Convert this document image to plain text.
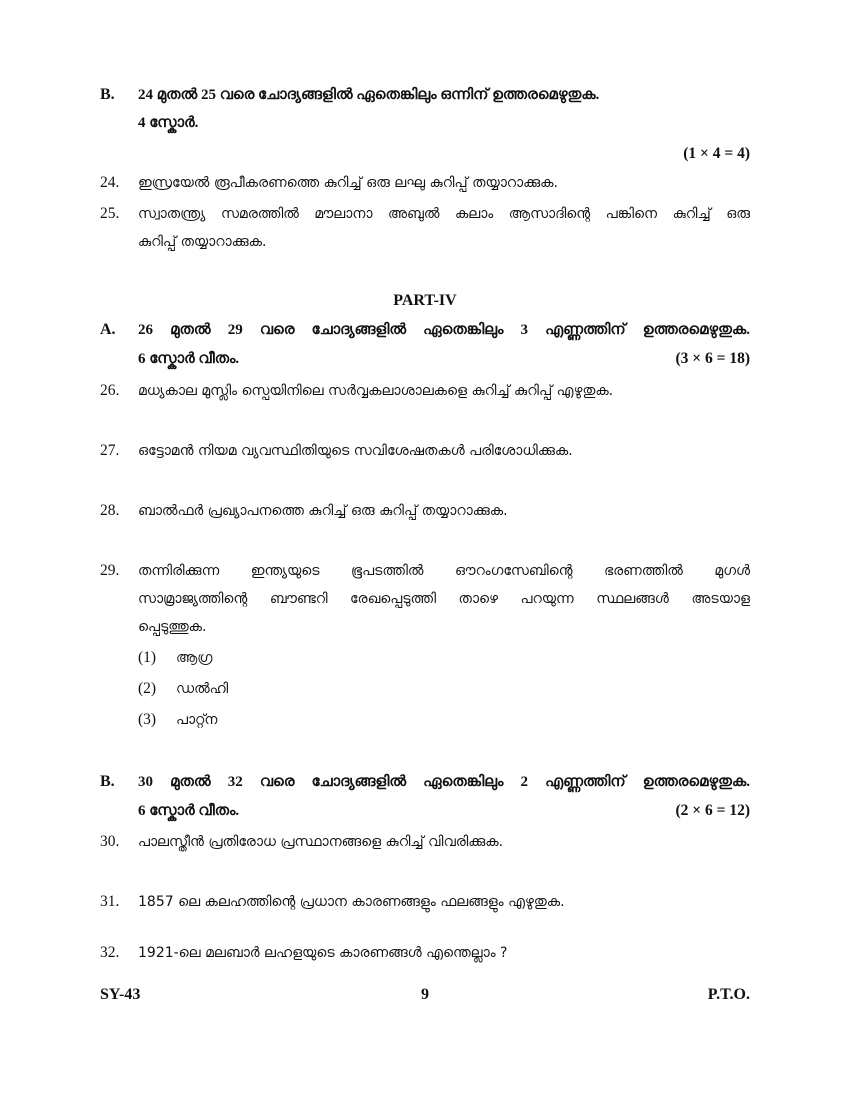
B. 24 മുതൽ 25 വരെ ചോദ്യങ്ങളിൽ ഏതെങ്കിലും ഒന്നിന് ഉത്തരമെഴുതുക.
4 സ്കോർ.
(1 × 4 = 4)
24. ഇസ്രയേൽ രൂപീകരണത്തെ കുറിച്ച് ഒരു ലഘു കുറിപ്പ് തയ്യാറാക്കുക.
25. സ്വാതന്ത്ര്യ സമരത്തിൽ മൗലാനാ അബുൽ കലാം ആസാദിന്റെ പങ്കിനെ കുറിച്ച് ഒരു
കുറിപ്പ് തയ്യാറാക്കുക.
PART-IV
A. 26 മുതൽ 29 വരെ ചോദ്യങ്ങളിൽ ഏതെങ്കിലും 3 എണ്ണത്തിന് ഉത്തരമെഴുതുക.
6 സ്കോർ വീതം.	(3 × 6 = 18)
26. മധ്യകാല മുസ്ലിം സ്പെയിനിലെ സർവ്വകലാശാലകളെ കുറിച്ച് കുറിപ്പ് എഴുതുക.
27. ഒട്ടോമൻ നിയമ വ്യവസ്ഥിതിയുടെ സവിശേഷതകൾ പരിശോധിക്കുക.
28. ബാൽഫർ പ്രഖ്യാപനത്തെ കുറിച്ച് ഒരു കുറിപ്പ് തയ്യാറാക്കുക.
29. തന്നിരിക്കുന്ന ഇന്ത്യയുടെ ഭൂപടത്തിൽ ഔറംഗസേബിന്റെ ഭരണത്തിൽ മുഗൾ
സാമ്രാജ്യത്തിന്റെ ബൗണ്ടറി രേഖപ്പെടുത്തി താഴെ പറയുന്ന സ്ഥലങ്ങൾ അടയാള
പ്പെടുത്തുക.
(1) ആഗ്ര
(2) ഡൽഹി
(3) പാറ്റ്ന
B. 30 മുതൽ 32 വരെ ചോദ്യങ്ങളിൽ ഏതെങ്കിലും 2 എണ്ണത്തിന് ഉത്തരമെഴുതുക.
6 സ്കോർ വീതം.	(2 × 6 = 12)
30. പാലസ്തീൻ പ്രതിരോധ പ്രസ്ഥാനങ്ങളെ കുറിച്ച് വിവരിക്കുക.
31. 1857 ലെ കലഹത്തിന്റെ പ്രധാന കാരണങ്ങളും ഫലങ്ങളും എഴുതുക.
32. 1921-ലെ മലബാർ ലഹളയുടെ കാരണങ്ങൾ എന്തെല്ലാം ?
SY-43	9	P.T.O.
